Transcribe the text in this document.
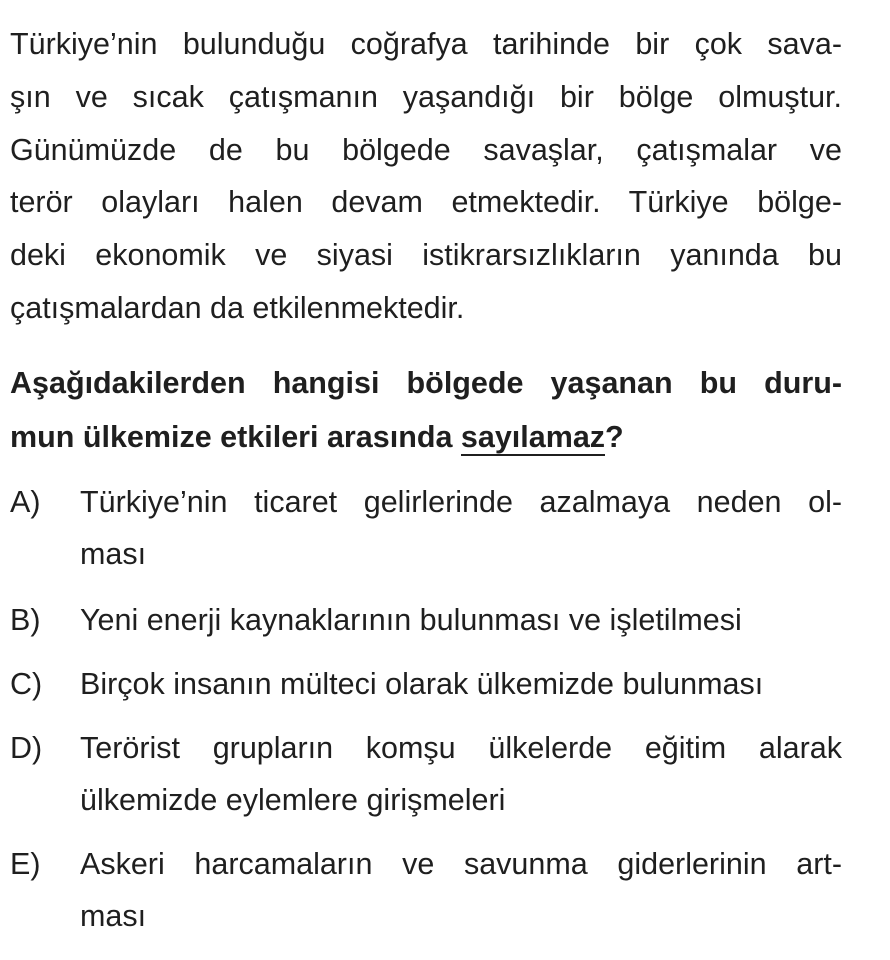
Türkiye’nin bulunduğu coğrafya tarihinde bir çok sava-
şın ve sıcak çatışmanın yaşandığı bir bölge olmuştur.
Günümüzde de bu bölgede savaşlar, çatışmalar ve
terör olayları halen devam etmektedir. Türkiye bölge-
deki ekonomik ve siyasi istikrarsızlıkların yanında bu
çatışmalardan da etkilenmektedir.
Aşağıdakilerden hangisi bölgede yaşanan bu duru-
mun ülkemize etkileri arasında sayılamaz?
A) Türkiye’nin ticaret gelirlerinde azalmaya neden ol-
ması
B) Yeni enerji kaynaklarının bulunması ve işletilmesi
C) Birçok insanın mülteci olarak ülkemizde bulunması
D) Terörist grupların komşu ülkelerde eğitim alarak
ülkemizde eylemlere girişmeleri
E) Askeri harcamaların ve savunma giderlerinin art-
ması
